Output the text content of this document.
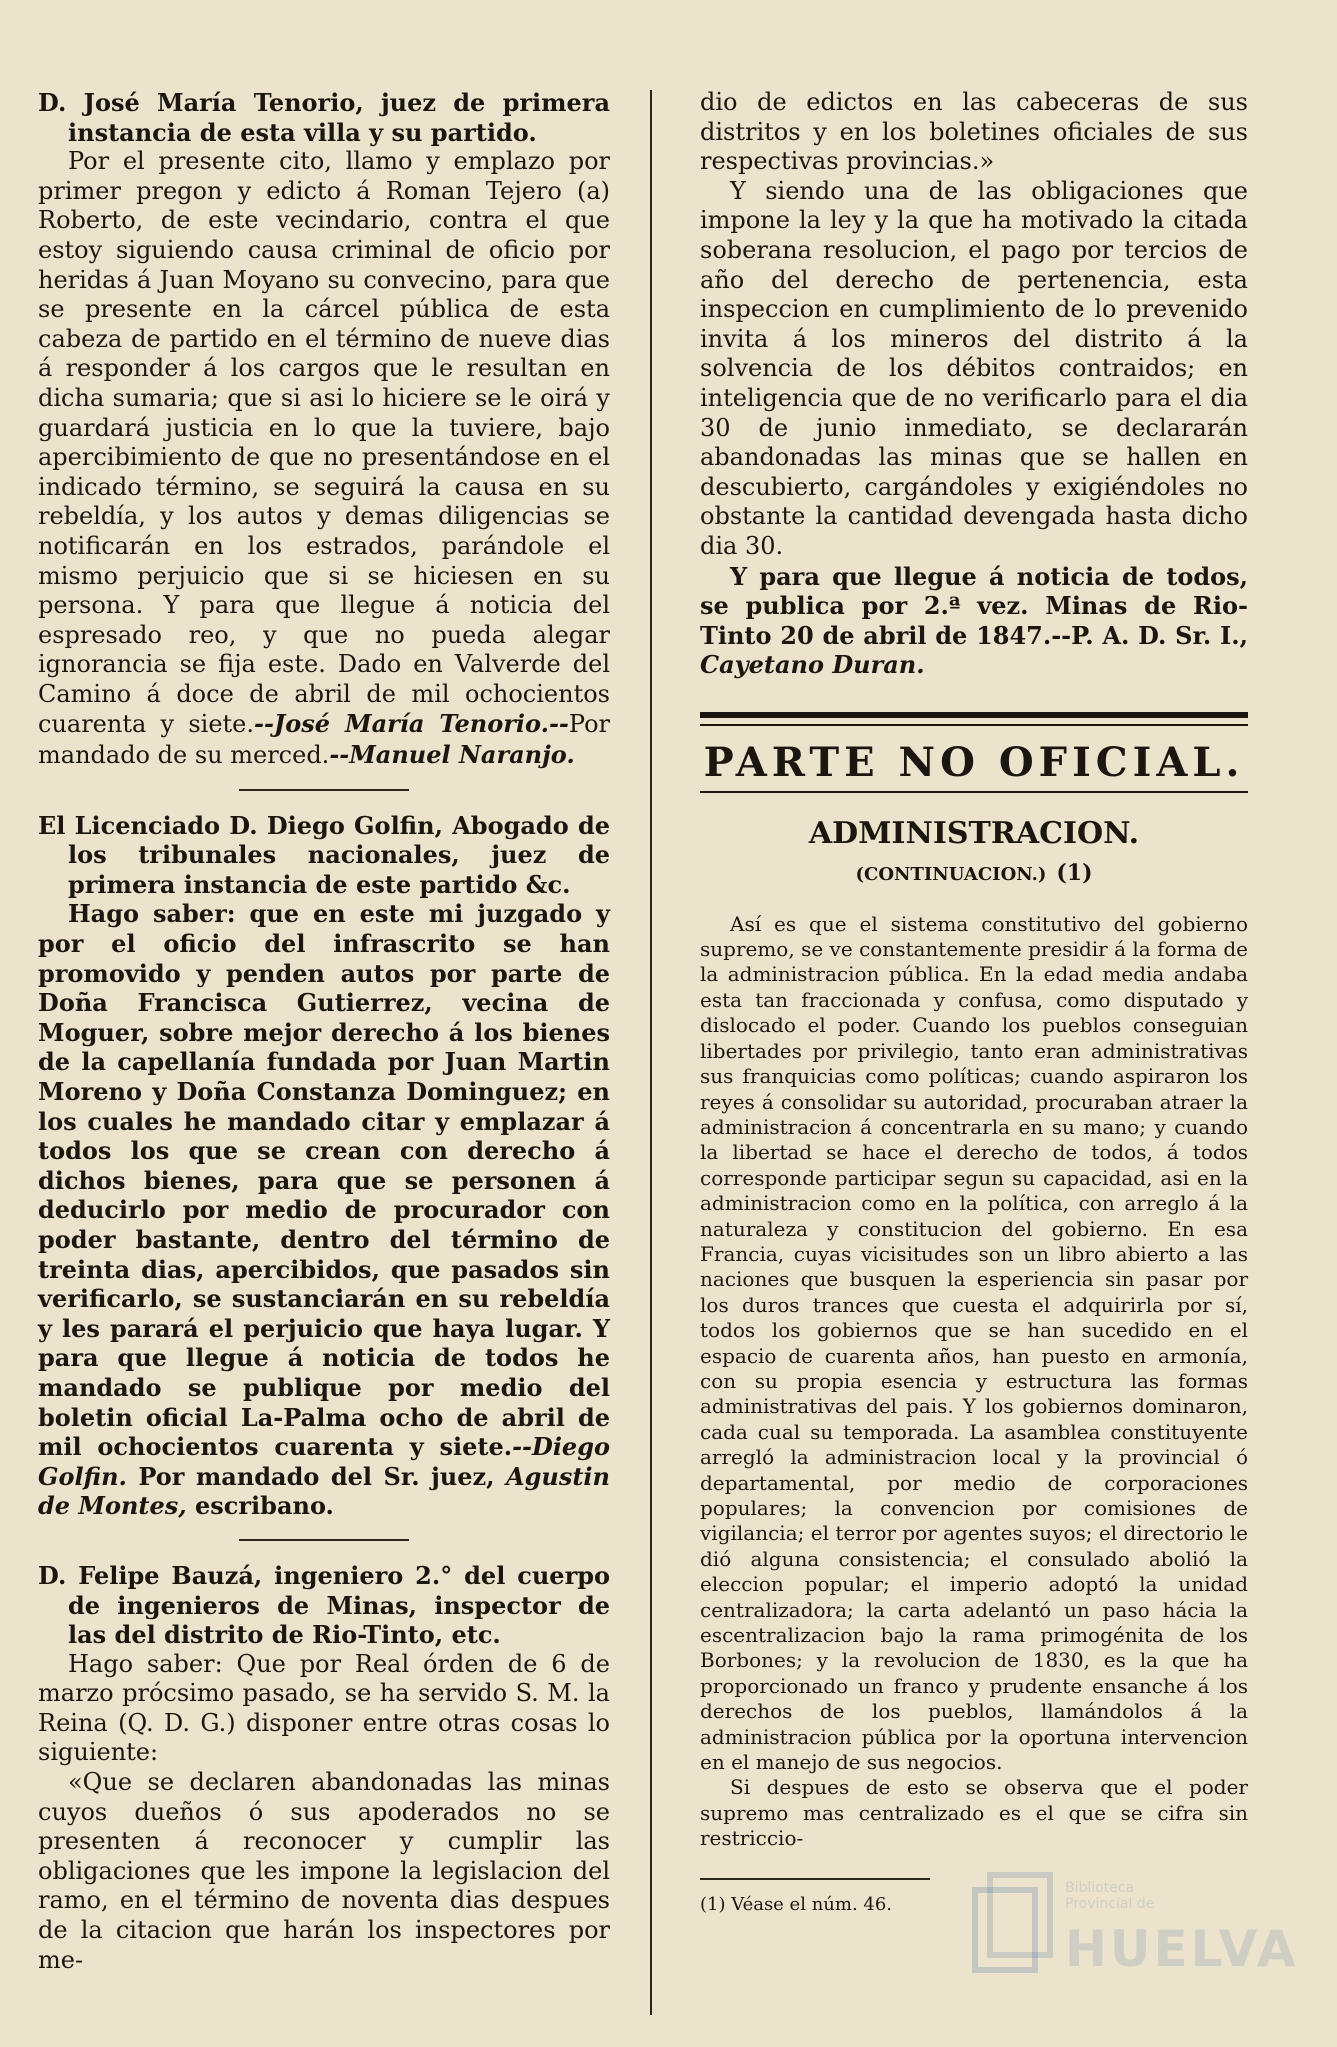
D. José María Tenorio, juez de primera instancia de esta villa y su partido.

Por el presente cito, llamo y emplazo por primer pregon y edicto á Roman Tejero (a) Roberto, de este vecindario, contra el que estoy siguiendo causa criminal de oficio por heridas á Juan Moyano su convecino, para que se presente en la cárcel pública de esta cabeza de partido en el término de nueve dias á responder á los cargos que le resultan en dicha sumaria; que si asi lo hiciere se le oirá y guardará justicia en lo que la tuviere, bajo apercibimiento de que no presentándose en el indicado término, se seguirá la causa en su rebeldía, y los autos y demas diligencias se notificarán en los estrados, parándole el mismo perjuicio que si se hiciesen en su persona. Y para que llegue á noticia del espresado reo, y que no pueda alegar ignorancia se fija este. Dado en Valverde del Camino á doce de abril de mil ochocientos cuarenta y siete.--José María Tenorio.--Por mandado de su merced.--Manuel Naranjo.

El Licenciado D. Diego Golfin, Abogado de los tribunales nacionales, juez de primera instancia de este partido &c.

Hago saber: que en este mi juzgado y por el oficio del infrascrito se han promovido y penden autos por parte de Doña Francisca Gutierrez, vecina de Moguer, sobre mejor derecho á los bienes de la capellanía fundada por Juan Martin Moreno y Doña Constanza Dominguez; en los cuales he mandado citar y emplazar á todos los que se crean con derecho á dichos bienes, para que se personen á deducirlo por medio de procurador con poder bastante, dentro del término de treinta dias, apercibidos, que pasados sin verificarlo, se sustanciarán en su rebeldía y les parará el perjuicio que haya lugar. Y para que llegue á noticia de todos he mandado se publique por medio del boletin oficial La-Palma ocho de abril de mil ochocientos cuarenta y siete.--Diego Golfin. Por mandado del Sr. juez, Agustin de Montes, escribano.

D. Felipe Bauzá, ingeniero 2.° del cuerpo de ingenieros de Minas, inspector de las del distrito de Rio-Tinto, etc.

Hago saber: Que por Real órden de 6 de marzo prócsimo pasado, se ha servido S. M. la Reina (Q. D. G.) disponer entre otras cosas lo siguiente:

«Que se declaren abandonadas las minas cuyos dueños ó sus apoderados no se presenten á reconocer y cumplir las obligaciones que les impone la legislacion del ramo, en el término de noventa dias despues de la citacion que harán los inspectores por me-

dio de edictos en las cabeceras de sus distritos y en los boletines oficiales de sus respectivas provincias.»

Y siendo una de las obligaciones que impone la ley y la que ha motivado la citada soberana resolucion, el pago por tercios de año del derecho de pertenencia, esta inspeccion en cumplimiento de lo prevenido invita á los mineros del distrito á la solvencia de los débitos contraidos; en inteligencia que de no verificarlo para el dia 30 de junio inmediato, se declararán abandonadas las minas que se hallen en descubierto, cargándoles y exigiéndoles no obstante la cantidad devengada hasta dicho dia 30.

Y para que llegue á noticia de todos, se publica por 2.ª vez. Minas de Rio-Tinto 20 de abril de 1847.--P. A. D. Sr. I., Cayetano Duran.

PARTE NO OFICIAL.
ADMINISTRACION.
(CONTINUACION.) (1)

Así es que el sistema constitutivo del gobierno supremo, se ve constantemente presidir á la forma de la administracion pública. En la edad media andaba esta tan fraccionada y confusa, como disputado y dislocado el poder. Cuando los pueblos conseguian libertades por privilegio, tanto eran administrativas sus franquicias como políticas; cuando aspiraron los reyes á consolidar su autoridad, procuraban atraer la administracion á concentrarla en su mano; y cuando la libertad se hace el derecho de todos, á todos corresponde participar segun su capacidad, asi en la administracion como en la política, con arreglo á la naturaleza y constitucion del gobierno. En esa Francia, cuyas vicisitudes son un libro abierto a las naciones que busquen la esperiencia sin pasar por los duros trances que cuesta el adquirirla por sí, todos los gobiernos que se han sucedido en el espacio de cuarenta años, han puesto en armonía, con su propia esencia y estructura las formas administrativas del pais. Y los gobiernos dominaron, cada cual su temporada. La asamblea constituyente arregló la administracion local y la provincial ó departamental, por medio de corporaciones populares; la convencion por comisiones de vigilancia; el terror por agentes suyos; el directorio le dió alguna consistencia; el consulado abolió la eleccion popular; el imperio adoptó la unidad centralizadora; la carta adelantó un paso hácia la escentralizacion bajo la rama primogénita de los Borbones; y la revolucion de 1830, es la que ha proporcionado un franco y prudente ensanche á los derechos de los pueblos, llamándolos á la administracion pública por la oportuna intervencion en el manejo de sus negocios.

Si despues de esto se observa que el poder supremo mas centralizado es el que se cifra sin restriccio-

(1) Véase el núm. 46.

Biblioteca
Provincial de
HUELVA
